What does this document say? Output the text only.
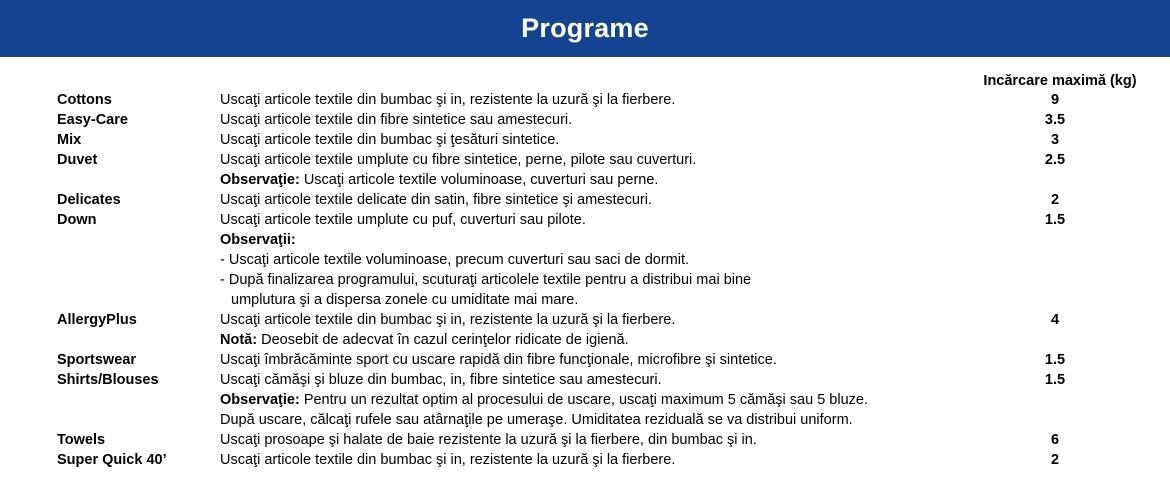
Programe
Incărcare maximă (kg)
Cottons	Uscaţi articole textile din bumbac şi in, rezistente la uzură şi la fierbere.	9
Easy-Care	Uscaţi articole textile din fibre sintetice sau amestecuri.	3.5
Mix	Uscaţi articole textile din bumbac şi ţesături sintetice.	3
Duvet	Uscaţi articole textile umplute cu fibre sintetice, perne, pilote sau cuverturi.	2.5
Observaţie: Uscaţi articole textile voluminoase, cuverturi sau perne.
Delicates	Uscaţi articole textile delicate din satin, fibre sintetice şi amestecuri.	2
Down	Uscaţi articole textile umplute cu puf, cuverturi sau pilote.	1.5
Observaţii:
- Uscaţi articole textile voluminoase, precum cuverturi sau saci de dormit.
- După finalizarea programului, scuturaţi articolele textile pentru a distribui mai bine
umplutura şi a dispersa zonele cu umiditate mai mare.
AllergyPlus	Uscaţi articole textile din bumbac şi in, rezistente la uzură şi la fierbere.	4
Notă: Deosebit de adecvat în cazul cerinţelor ridicate de igienă.
Sportswear	Uscaţi îmbrăcăminte sport cu uscare rapidă din fibre funcţionale, microfibre şi sintetice.	1.5
Shirts/Blouses	Uscaţi cămăşi şi bluze din bumbac, in, fibre sintetice sau amestecuri.	1.5
Observaţie: Pentru un rezultat optim al procesului de uscare, uscaţi maximum 5 cămăşi sau 5 bluze.
După uscare, călcaţi rufele sau atârnaţile pe umeraşe. Umiditatea reziduală se va distribui uniform.
Towels	Uscaţi prosoape şi halate de baie rezistente la uzură şi la fierbere, din bumbac şi in.	6
Super Quick 40’	Uscaţi articole textile din bumbac şi in, rezistente la uzură şi la fierbere.	2
